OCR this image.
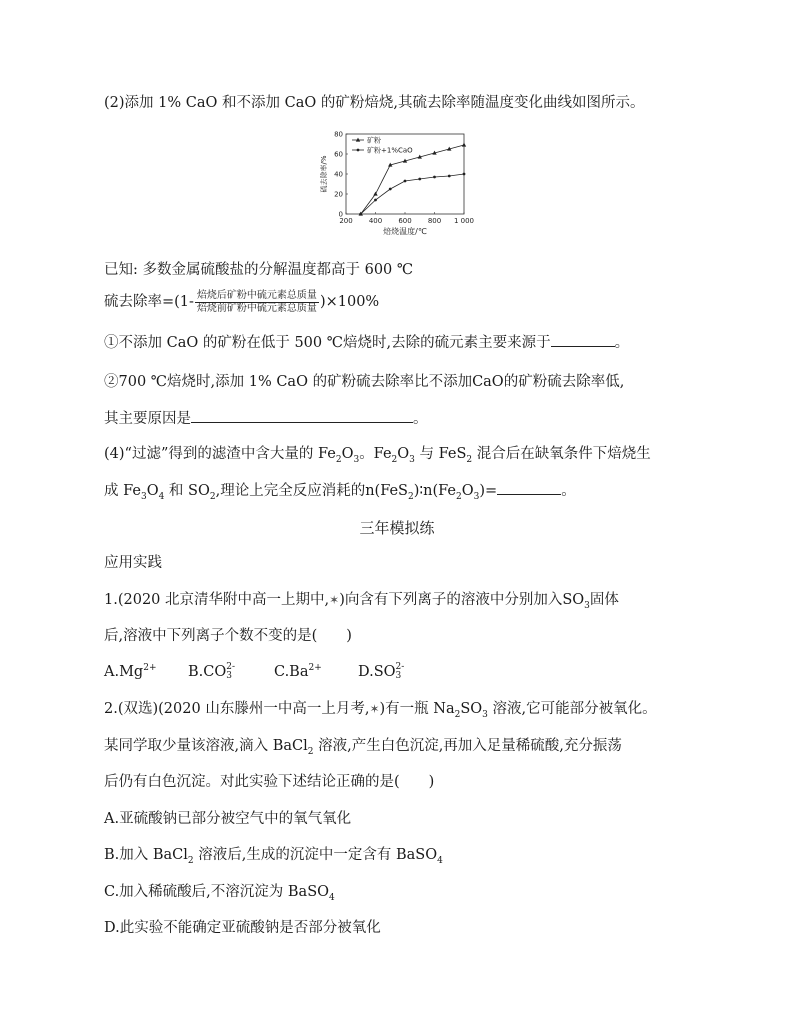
(2)添加 1% CaO 和不添加 CaO 的矿粉焙烧,其硫去除率随温度变化曲线如图所示。
200 400 600 800 1 000
0
20
40
60
80
焙烧温度/℃
硫去除率/%
矿粉
矿粉+1%CaO
已知: 多数金属硫酸盐的分解温度都高于 600 ℃
硫去除率$=(1- \frac{\text{焙烧后矿粉中硫元素总质量}}{\text{焙烧前矿粉中硫元素总质量}} )\times 100\%$
①不添加 CaO 的矿粉在低于 500 ℃焙烧时,去除的硫元素主要来源于	。
②700 ℃焙烧时,添加 1% CaO 的矿粉硫去除率比不添加CaO的矿粉硫去除率低,
其主要原因是	。
(4)“过滤”得到的滤渣中含大量的 $Fe_2O_3$。$Fe_2O_3$ 与 FeS$_2$ 混合后在缺氧条件下焙烧生
成 $Fe_3O_4$ 和 $SO_2$,理论上完全反应消耗的$n(FeS_2)∶n(Fe_2O_3)=$	。
三年模拟练
应用实践
1.(2020 北京清华附中高一上期中,✶)向含有下列离子的溶液中分别加入$SO_3$固体
后,溶液中下列离子个数不变的是(　　)
$A.Mg^{2+}$ B.CO 2-
3	$C.Ba^{2+}$ D.SO 2-
3
2.(双选)(2020 山东滕州一中高一上月考,✶)有一瓶 $Na_2SO_3$ 溶液,它可能部分被氧化。
某同学取少量该溶液,滴入 BaCl$_2$ 溶液,产生白色沉淀,再加入足量稀硫酸,充分振荡
后仍有白色沉淀。对此实验下述结论正确的是(　　)
A.亚硫酸钠已部分被空气中的氧气氧化
B.加入 BaCl$_2$ 溶液后,生成的沉淀中一定含有 BaSO$_4$
C.加入稀硫酸后,不溶沉淀为 BaSO$_4$
D.此实验不能确定亚硫酸钠是否部分被氧化
